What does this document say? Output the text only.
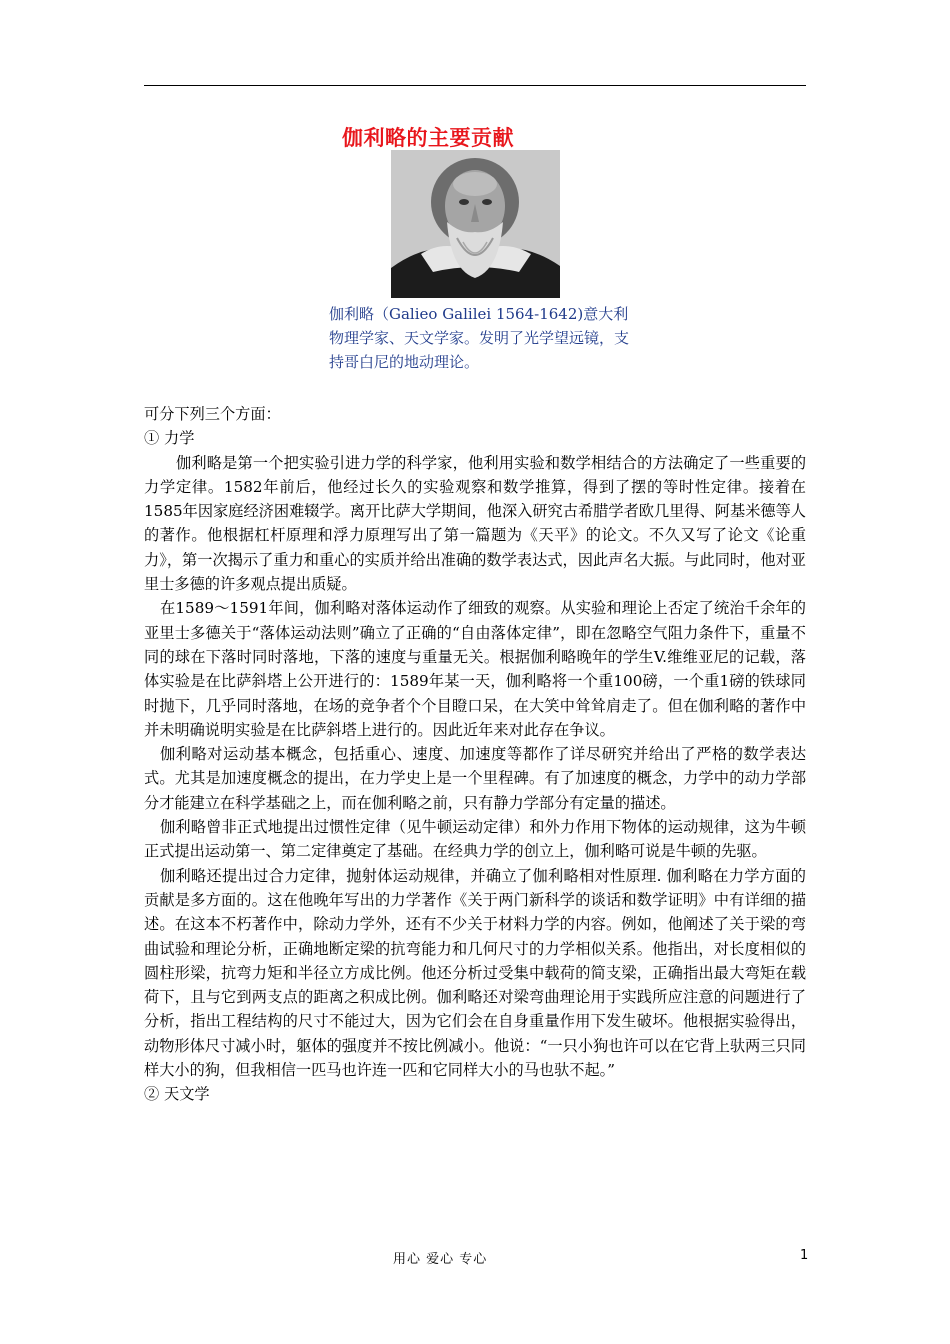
伽利略的主要贡献
伽利略（Galieo Galilei 1564-1642)意大利物理学家、天文学家。发明了光学望远镜，支持哥白尼的地动理论。

可分下列三个方面：

① 力学

伽利略是第一个把实验引进力学的科学家，他利用实验和数学相结合的方法确定了一些重要的力学定律。1582年前后，他经过长久的实验观察和数学推算，得到了摆的等时性定律。接着在1585年因家庭经济困难辍学。离开比萨大学期间，他深入研究古希腊学者欧几里得、阿基米德等人的著作。他根据杠杆原理和浮力原理写出了第一篇题为《天平》的论文。不久又写了论文《论重力》，第一次揭示了重力和重心的实质并给出准确的数学表达式，因此声名大振。与此同时，他对亚里士多德的许多观点提出质疑。

在1589～1591年间，伽利略对落体运动作了细致的观察。从实验和理论上否定了统治千余年的亚里士多德关于“落体运动法则”确立了正确的“自由落体定律”，即在忽略空气阻力条件下，重量不同的球在下落时同时落地，下落的速度与重量无关。根据伽利略晚年的学生V.维维亚尼的记载，落体实验是在比萨斜塔上公开进行的：1589年某一天，伽利略将一个重100磅，一个重1磅的铁球同时抛下，几乎同时落地，在场的竞争者个个目瞪口呆，在大笑中耸耸肩走了。但在伽利略的著作中并未明确说明实验是在比萨斜塔上进行的。因此近年来对此存在争议。

伽利略对运动基本概念，包括重心、速度、加速度等都作了详尽研究并给出了严格的数学表达式。尤其是加速度概念的提出，在力学史上是一个里程碑。有了加速度的概念，力学中的动力学部分才能建立在科学基础之上，而在伽利略之前，只有静力学部分有定量的描述。

伽利略曾非正式地提出过惯性定律（见牛顿运动定律）和外力作用下物体的运动规律，这为牛顿正式提出运动第一、第二定律奠定了基础。在经典力学的创立上，伽利略可说是牛顿的先驱。

伽利略还提出过合力定律，抛射体运动规律，并确立了伽利略相对性原理. 伽利略在力学方面的贡献是多方面的。这在他晚年写出的力学著作《关于两门新科学的谈话和数学证明》中有详细的描述。在这本不朽著作中，除动力学外，还有不少关于材料力学的内容。例如，他阐述了关于梁的弯曲试验和理论分析，正确地断定梁的抗弯能力和几何尺寸的力学相似关系。他指出，对长度相似的圆柱形梁，抗弯力矩和半径立方成比例。他还分析过受集中载荷的简支梁，正确指出最大弯矩在载荷下，且与它到两支点的距离之积成比例。伽利略还对梁弯曲理论用于实践所应注意的问题进行了分析，指出工程结构的尺寸不能过大，因为它们会在自身重量作用下发生破坏。他根据实验得出，动物形体尺寸减小时，躯体的强度并不按比例减小。他说：“一只小狗也许可以在它背上驮两三只同样大小的狗，但我相信一匹马也许连一匹和它同样大小的马也驮不起。”

② 天文学

用心 爱心 专心	1
